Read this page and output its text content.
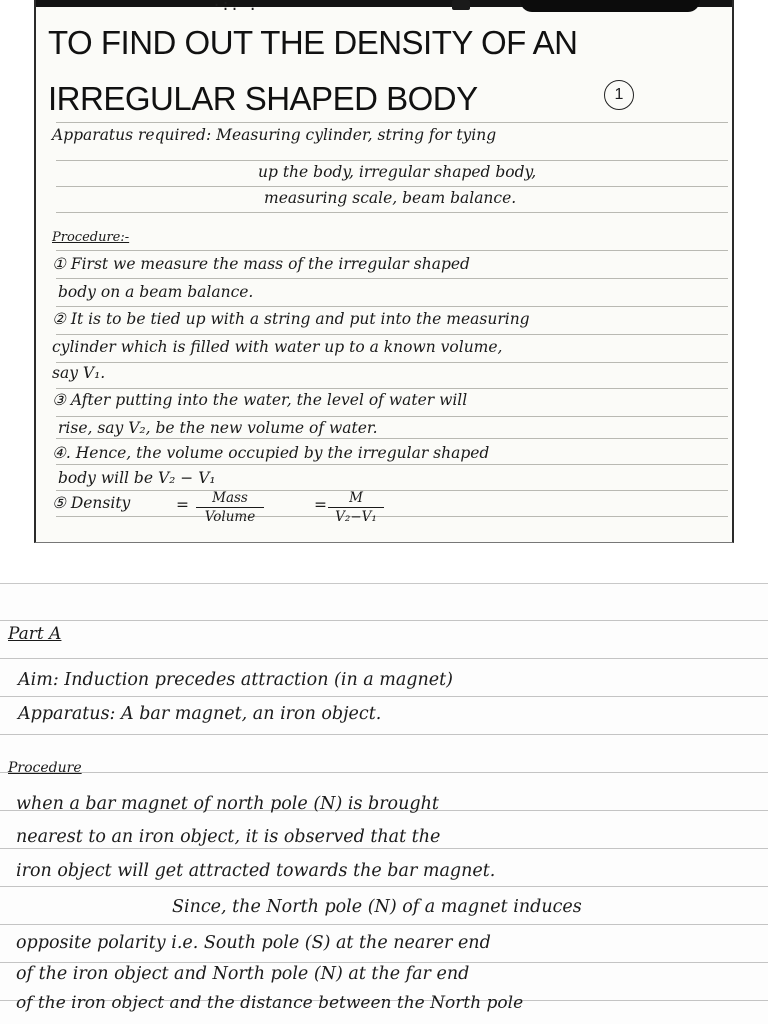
·:. .
TO FIND OUT THE DENSITY OF AN
IRREGULAR SHAPED BODY	1
Apparatus required: Measuring cylinder, string for tying
up the body, irregular shaped body,
measuring scale, beam balance.
Procedure:-
① First we measure the mass of the irregular shaped
body on a beam balance.
② It is to be tied up with a string and put into the measuring
cylinder which is filled with water up to a known volume,
say V₁.
③ After putting into the water, the level of water will
rise, say V₂, be the new volume of water.
④. Hence, the volume occupied by the irregular shaped
body will be V₂ − V₁
⑤ Density	=	Mass
Volume
= $\frac{M}{\text{V₂−V₁}}$
Part A
Aim: Induction precedes attraction (in a magnet)
Apparatus: A bar magnet, an iron object.
Procedure
when a bar magnet of north pole (N) is brought
nearest to an iron object, it is observed that the
iron object will get attracted towards the bar magnet.
Since, the North pole (N) of a magnet induces
opposite polarity i.e. South pole (S) at the nearer end
of the iron object and North pole (N) at the far end
of the iron object and the distance between the North pole
